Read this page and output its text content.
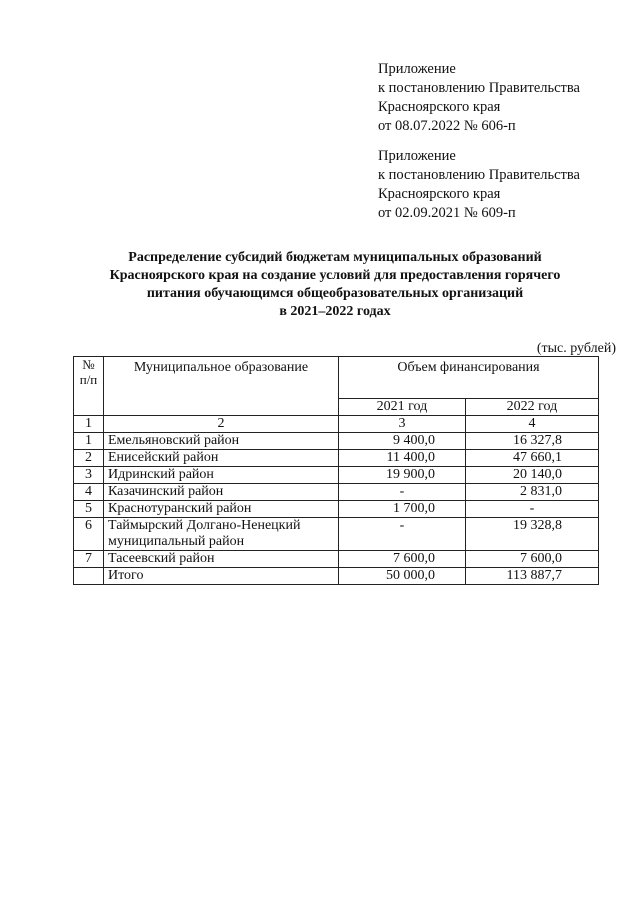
Приложение
к постановлению Правительства
Красноярского края
от 08.07.2022 № 606-п
Приложение
к постановлению Правительства
Красноярского края
от 02.09.2021 № 609-п
Распределение субсидий бюджетам муниципальных образований
Красноярского края на создание условий для предоставления горячего
питания обучающимся общеобразовательных организаций
в 2021–2022 годах
(тыс. рублей)
№
п/п	Муниципальное образование	Объем финансирования	
		2021 год	2022 год
1	2	3	4
1	Емельяновский район	9 400,0	16 327,8
2	Енисейский район	11 400,0	47 660,1
3	Идринский район	19 900,0	20 140,0
4	Казачинский район	-	2 831,0
5	Краснотуранский район	1 700,0	-
6	Таймырский Долгано-Ненецкий
муниципальный район	-	19 328,8
7	Тасеевский район	7 600,0	7 600,0
	Итого	50 000,0	113 887,7
